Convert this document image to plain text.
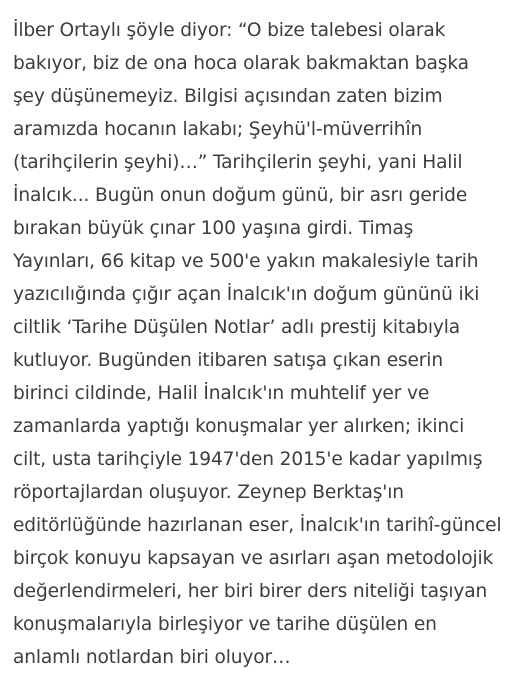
İlber Ortaylı şöyle diyor: “O bize talebesi olarak
bakıyor, biz de ona hoca olarak bakmaktan başka
şey düşünemeyiz. Bilgisi açısından zaten bizim
aramızda hocanın lakabı; Şeyhü'l-müverrihîn
(tarihçilerin şeyhi)…” Tarihçilerin şeyhi, yani Halil
İnalcık... Bugün onun doğum günü, bir asrı geride
bırakan büyük çınar 100 yaşına girdi. Timaş
Yayınları, 66 kitap ve 500'e yakın makalesiyle tarih
yazıcılığında çığır açan İnalcık'ın doğum gününü iki
ciltlik ‘Tarihe Düşülen Notlar’ adlı prestij kitabıyla
kutluyor. Bugünden itibaren satışa çıkan eserin
birinci cildinde, Halil İnalcık'ın muhtelif yer ve
zamanlarda yaptığı konuşmalar yer alırken; ikinci
cilt, usta tarihçiyle 1947'den 2015'e kadar yapılmış
röportajlardan oluşuyor. Zeynep Berktaş'ın
editörlüğünde hazırlanan eser, İnalcık'ın tarihî-güncel
birçok konuyu kapsayan ve asırları aşan metodolojik
değerlendirmeleri, her biri birer ders niteliği taşıyan
konuşmalarıyla birleşiyor ve tarihe düşülen en
anlamlı notlardan biri oluyor…
